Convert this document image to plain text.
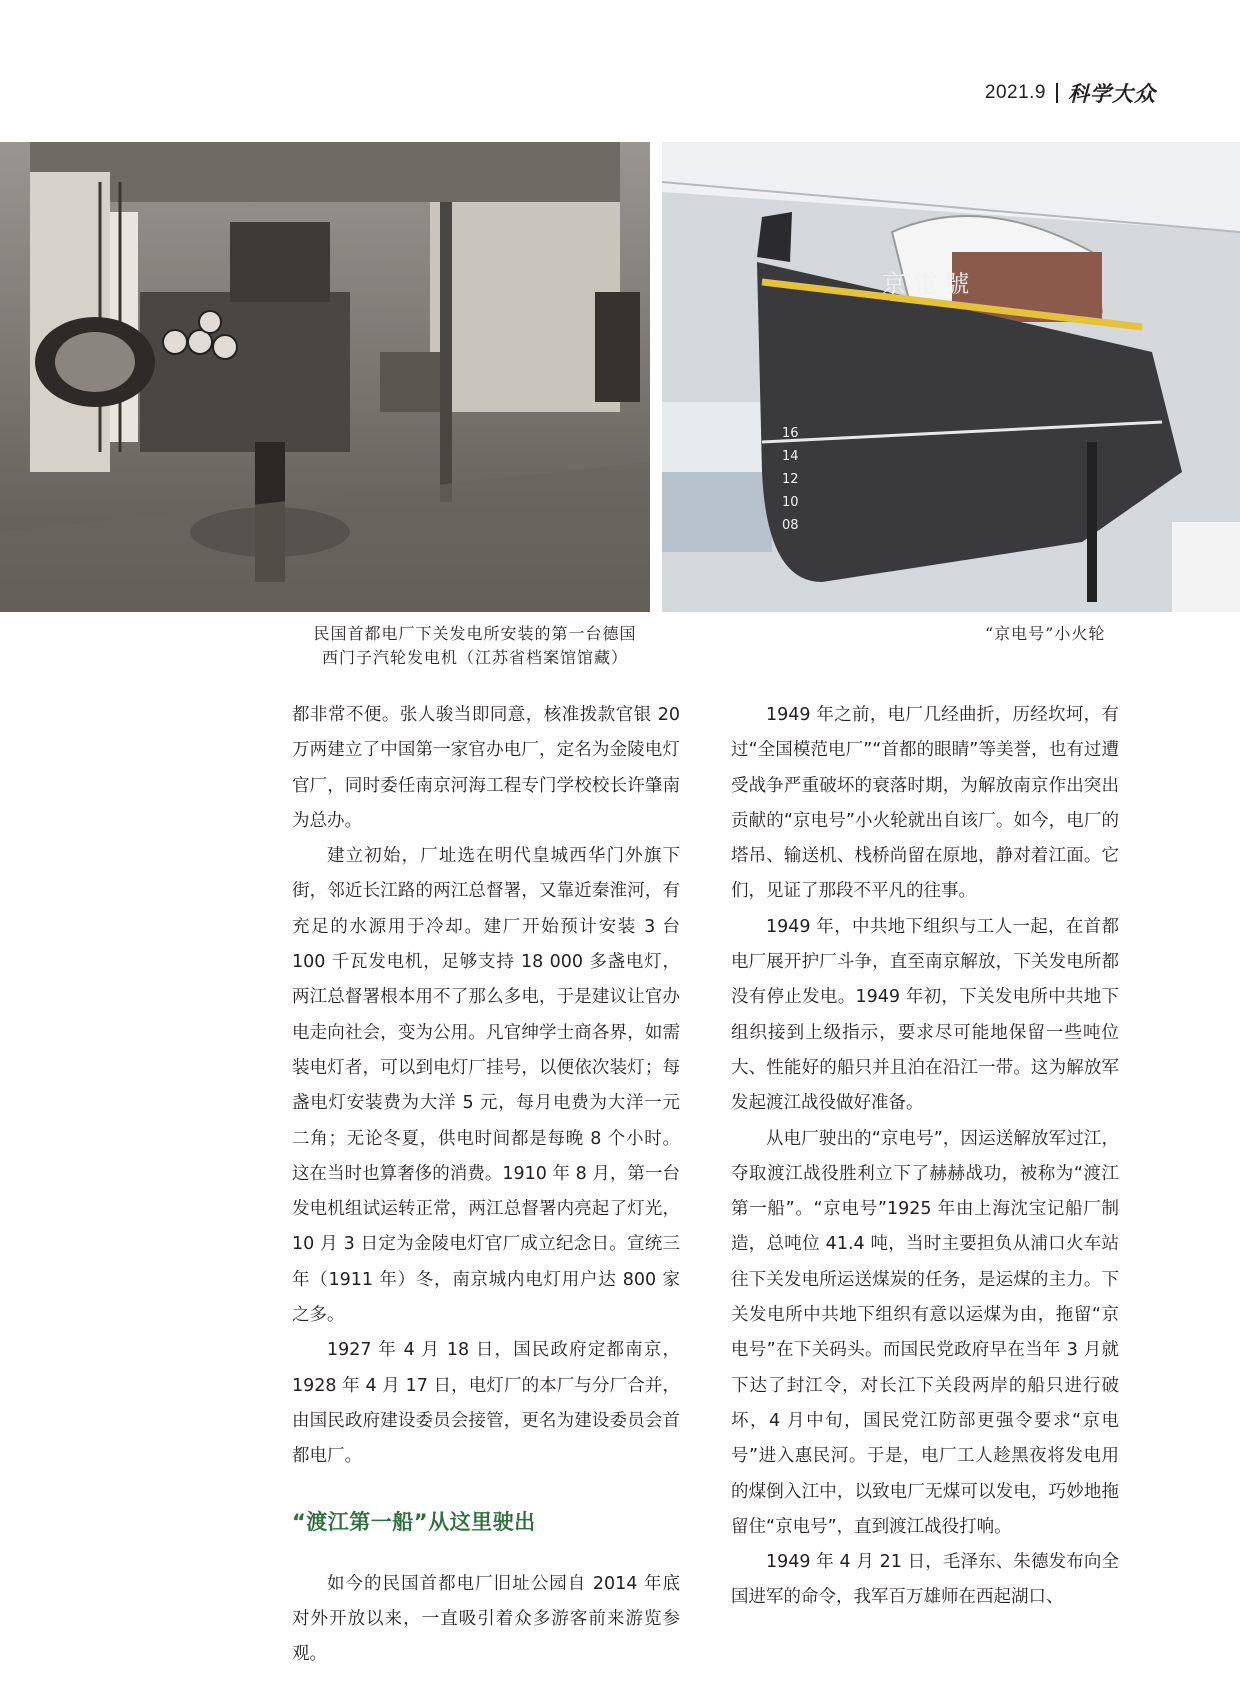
2021.9 科学大众
京 電 號
16
14
12
10
08
民国首都电厂下关发电所安装的第一台德国
西门子汽轮发电机（江苏省档案馆馆藏）
“京电号”小火轮

都非常不便。张人骏当即同意，核准拨款官银 20 万两建立了中国第一家官办电厂，定名为金陵电灯官厂，同时委任南京河海工程专门学校校长许肇南为总办。

建立初始，厂址选在明代皇城西华门外旗下街，邻近长江路的两江总督署，又靠近秦淮河，有充足的水源用于冷却。建厂开始预计安装 3 台 100 千瓦发电机，足够支持 18 000 多盏电灯，两江总督署根本用不了那么多电，于是建议让官办电走向社会，变为公用。凡官绅学士商各界，如需装电灯者，可以到电灯厂挂号，以便依次装灯；每盏电灯安装费为大洋 5 元，每月电费为大洋一元二角；无论冬夏，供电时间都是每晚 8 个小时。这在当时也算奢侈的消费。1910 年 8 月，第一台发电机组试运转正常，两江总督署内亮起了灯光，10 月 3 日定为金陵电灯官厂成立纪念日。宣统三年（1911 年）冬，南京城内电灯用户达 800 家之多。

1927 年 4 月 18 日，国民政府定都南京，1928 年 4 月 17 日，电灯厂的本厂与分厂合并，由国民政府建设委员会接管，更名为建设委员会首都电厂。

“渡江第一船”从这里驶出

如今的民国首都电厂旧址公园自 2014 年底对外开放以来，一直吸引着众多游客前来游览参观。

1949 年之前，电厂几经曲折，历经坎坷，有过“全国模范电厂”“首都的眼睛”等美誉，也有过遭受战争严重破坏的衰落时期，为解放南京作出突出贡献的“京电号”小火轮就出自该厂。如今，电厂的塔吊、输送机、栈桥尚留在原地，静对着江面。它们，见证了那段不平凡的往事。

1949 年，中共地下组织与工人一起，在首都电厂展开护厂斗争，直至南京解放，下关发电所都没有停止发电。1949 年初，下关发电所中共地下组织接到上级指示，要求尽可能地保留一些吨位大、性能好的船只并且泊在沿江一带。这为解放军发起渡江战役做好准备。

从电厂驶出的“京电号”，因运送解放军过江，夺取渡江战役胜利立下了赫赫战功，被称为“渡江第一船”。“京电号”1925 年由上海沈宝记船厂制造，总吨位 41.4 吨，当时主要担负从浦口火车站往下关发电所运送煤炭的任务，是运煤的主力。下关发电所中共地下组织有意以运煤为由，拖留“京电号”在下关码头。而国民党政府早在当年 3 月就下达了封江令，对长江下关段两岸的船只进行破坏，4 月中旬，国民党江防部更强令要求“京电号”进入惠民河。于是，电厂工人趁黑夜将发电用的煤倒入江中，以致电厂无煤可以发电，巧妙地拖留住“京电号”，直到渡江战役打响。

1949 年 4 月 21 日，毛泽东、朱德发布向全国进军的命令，我军百万雄师在西起湖口、
